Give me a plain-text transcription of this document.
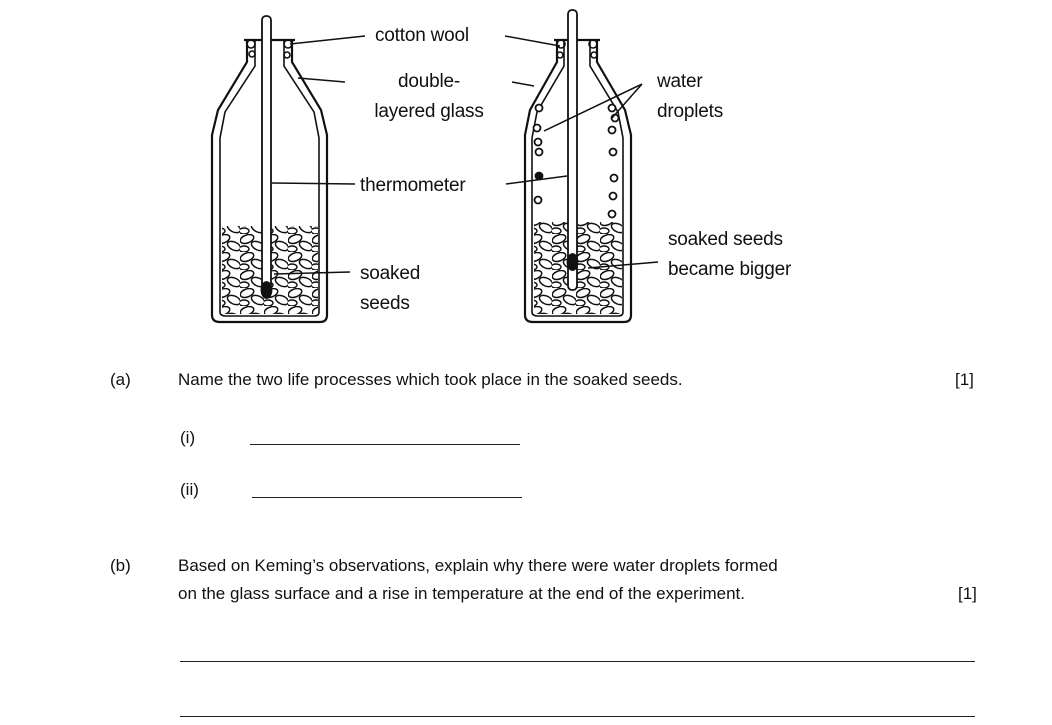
cotton wool
double-
layered glass
thermometer
soaked
seeds
water
droplets
soaked seeds
became bigger
(a)	Name the two life processes which took place in the soaked seeds.	[1]
(i)
(ii)
(b)	Based on Keming’s observations, explain why there were water droplets formed
on the glass surface and a rise in temperature at the end of the experiment.	[1]
